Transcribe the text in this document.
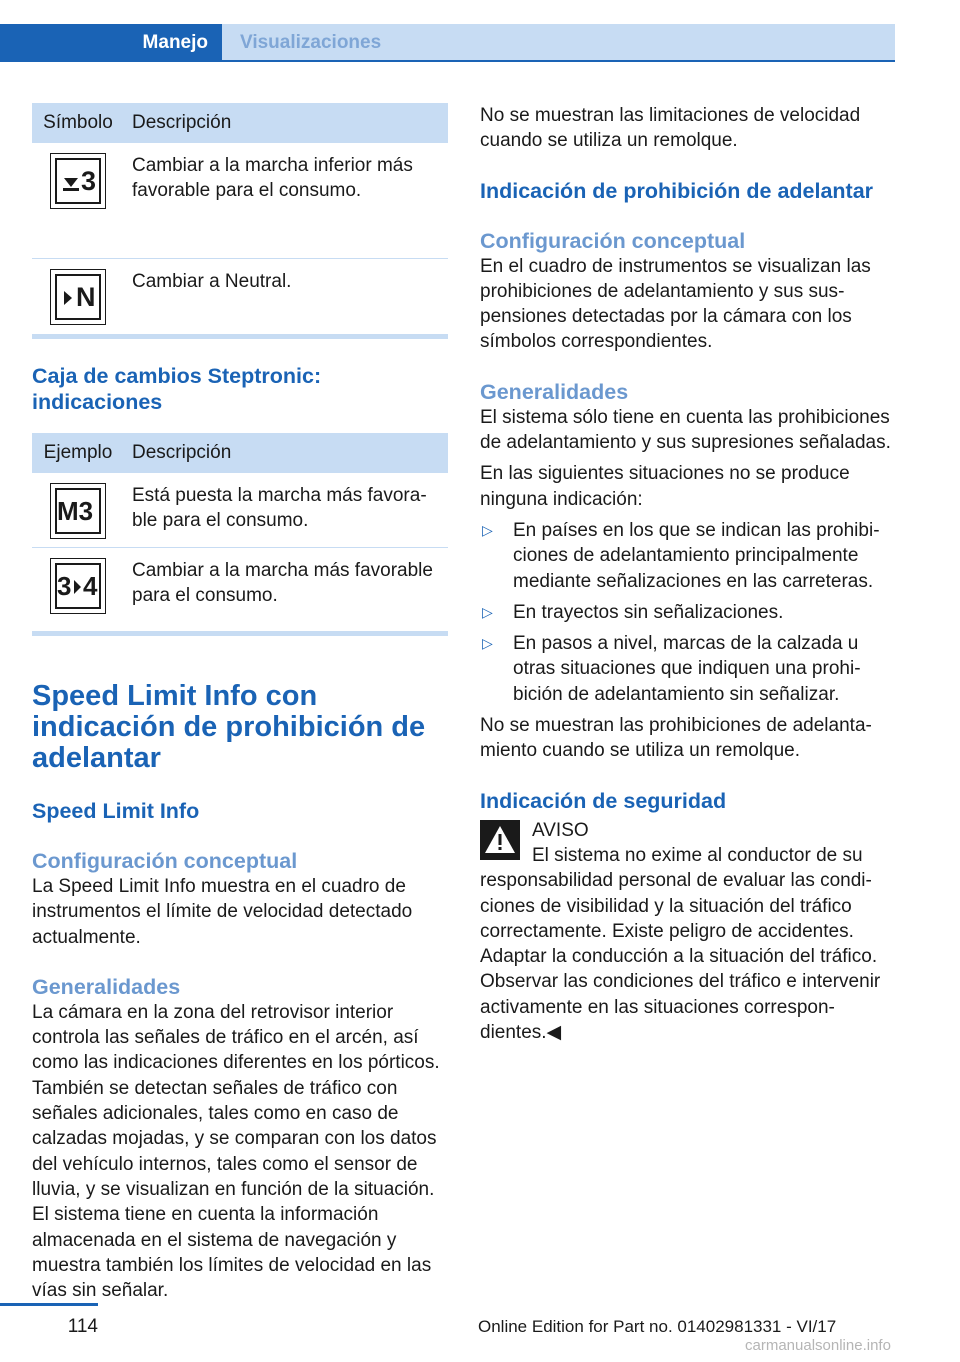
Manejo	Visualizaciones
Símbolo	Descripción

3	Cambiar a la marcha inferior más favorable para el consumo.

N	Cambiar a Neutral.
Caja de cambios Steptronic: indicaciones
Ejemplo	Descripción

M3	Está puesta la marcha más favorable para el consumo.

3 4	Cambiar a la marcha más favorable para el consumo.
Speed Limit Info con indicación de prohibición de adelantar
Speed Limit Info
Configuración conceptual
La Speed Limit Info muestra en el cuadro de instrumentos el límite de velocidad detectado actualmente.
Generalidades
La cámara en la zona del retrovisor interior controla las señales de tráfico en el arcén, así como las indicaciones diferentes en los pórticos. También se detectan señales de tráfico con señales adicionales, tales como en caso de calzadas mojadas, y se comparan con los datos del vehículo internos, tales como el sensor de lluvia, y se visualizan en función de la situación. El sistema tiene en cuenta la información almacenada en el sistema de navegación y muestra también los límites de velocidad en las vías sin señalar.
No se muestran las limitaciones de velocidad cuando se utiliza un remolque.
Indicación de prohibición de adelantar
Configuración conceptual
En el cuadro de instrumentos se visualizan las prohibiciones de adelantamiento y sus suspensiones detectadas por la cámara con los símbolos correspondientes.
Generalidades
El sistema sólo tiene en cuenta las prohibiciones de adelantamiento y sus supresiones señaladas.
En las siguientes situaciones no se produce ninguna indicación:
▷ En países en los que se indican las prohibiciones de adelantamiento principalmente mediante señalizaciones en las carreteras.
▷ En trayectos sin señalizaciones.
▷ En pasos a nivel, marcas de la calzada u otras situaciones que indiquen una prohibición de adelantamiento sin señalizar.
No se muestran las prohibiciones de adelantamiento cuando se utiliza un remolque.
Indicación de seguridad
AVISO
El sistema no exime al conductor de su responsabilidad personal de evaluar las condiciones de visibilidad y la situación del tráfico correctamente. Existe peligro de accidentes. Adaptar la conducción a la situación del tráfico. Observar las condiciones del tráfico e intervenir activamente en las situaciones correspondientes.◀
114	Online Edition for Part no. 01402981331 - VI/17
carmanualsonline.info
